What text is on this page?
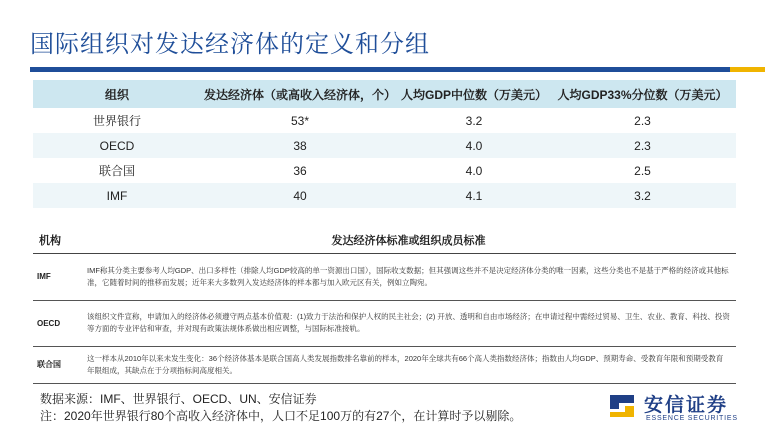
国际组织对发达经济体的定义和分组
组织	发达经济体（或高收入经济体，个）	人均GDP中位数（万美元）	人均GDP33%分位数（万美元）
世界银行	53*	3.2	2.3
OECD	38	4.0	2.3
联合国	36	4.0	2.5
IMF	40	4.1	3.2
机构	发达经济体标准或组织成员标准
IMF	IMF称其分类主要参考人均GDP、出口多样性（排除人均GDP较高的单一资源出口国），国际收支数据；但其强调这些并不是决定经济体分类的唯一因素，这些分类也不是基于严格的经济或其他标准，它随着时间的推移而发展；近年来大多数列入发达经济体的样本都与加入欧元区有关，例如立陶宛。
OECD	该组织文件宣称，申请加入的经济体必须遵守两点基本价值观：(1)致力于法治和保护人权的民主社会；(2) 开放、透明和自由市场经济；在申请过程中需经过贸易、卫生、农业、教育、科技、投资等方面的专业评估和审查，并对现有政策法规体系做出相应调整，与国际标准接轨。
联合国	这一样本从2010年以来未发生变化：36个经济体基本是联合国高人类发展指数排名靠前的样本，2020年全球共有66个高人类指数经济体；指数由人均GDP、预期寿命、受教育年限和预期受教育年限组成，其缺点在于分项指标间高度相关。
数据来源：IMF、世界银行、OECD、UN、安信证券
注：2020年世界银行80个高收入经济体中，人口不足100万的有27个，在计算时予以剔除。	安信证券
ESSENCE SECURITIES
